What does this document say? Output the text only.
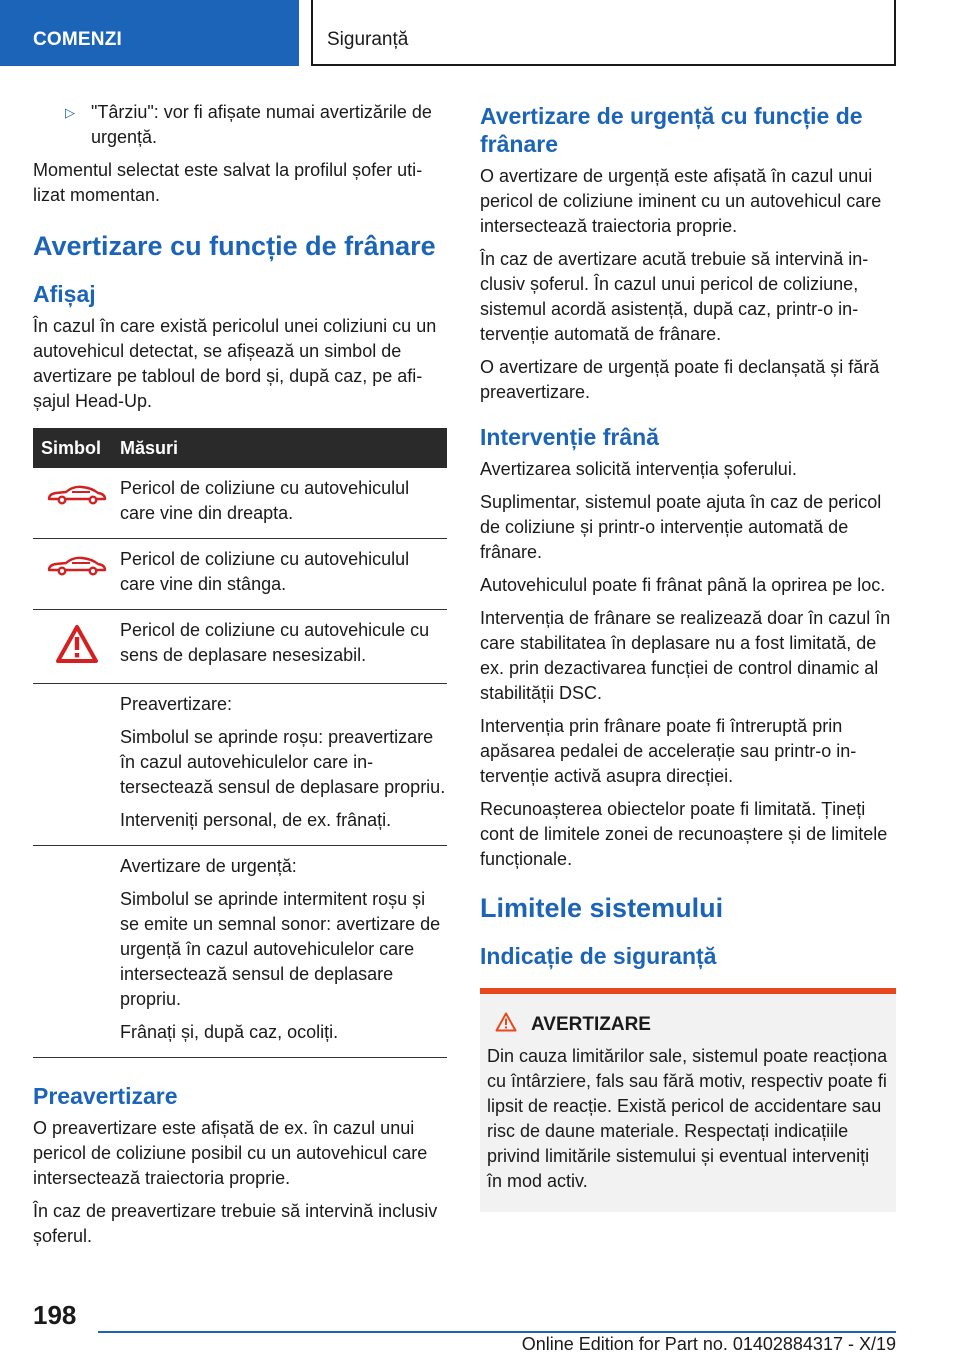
COMENZI	Siguranță
▷ "Târziu": vor fi afișate numai avertizările de urgență.

Momentul selectat este salvat la profilul șofer utilizat momentan.

Avertizare cu funcție de frânare
Afișaj

În cazul în care există pericolul unei coliziuni cu un autovehicul detectat, se afișează un simbol de avertizare pe tabloul de bord și, după caz, pe afișajul Head-Up.

Simbol	Măsuri

Pericol de coliziune cu autovehiculul care vine din dreapta.

Pericol de coliziune cu autovehiculul care vine din stânga.

Pericol de coliziune cu autovehicule cu sens de deplasare nesesizabil.

	Preavertizare:

Simbolul se aprinde roșu: preavertizare în cazul autovehiculelor care intersectează sensul de deplasare propriu.

Interveniți personal, de ex. frânați.

	Avertizare de urgență:

Simbolul se aprinde intermitent roșu și se emite un semnal sonor: avertizare de urgență în cazul autovehiculelor care intersectează sensul de deplasare propriu.

Frânați și, după caz, ocoliți.

Preavertizare

O preavertizare este afișată de ex. în cazul unui pericol de coliziune posibil cu un autovehicul care intersectează traiectoria proprie.

În caz de preavertizare trebuie să intervină inclusiv șoferul.

Avertizare de urgență cu funcție de frânare

O avertizare de urgență este afișată în cazul unui pericol de coliziune iminent cu un autovehicul care intersectează traiectoria proprie.

În caz de avertizare acută trebuie să intervină inclusiv șoferul. În cazul unui pericol de coliziune, sistemul acordă asistență, după caz, printr-o intervenție automată de frânare.

O avertizare de urgență poate fi declanșată și fără preavertizare.

Intervenție frână

Avertizarea solicită intervenția șoferului.

Suplimentar, sistemul poate ajuta în caz de pericol de coliziune și printr-o intervenție automată de frânare.

Autovehiculul poate fi frânat până la oprirea pe loc.

Intervenția de frânare se realizează doar în cazul în care stabilitatea în deplasare nu a fost limitată, de ex. prin dezactivarea funcției de control dinamic al stabilității DSC.

Intervenția prin frânare poate fi întreruptă prin apăsarea pedalei de accelerație sau printr-o intervenție activă asupra direcției.

Recunoașterea obiectelor poate fi limitată. Țineți cont de limitele zonei de recunoaștere și de limitele funcționale.

Limitele sistemului
Indicație de siguranță
AVERTIZARE

Din cauza limitărilor sale, sistemul poate reacționa cu întârziere, fals sau fără motiv, respectiv poate fi lipsit de reacție. Există pericol de accidentare sau risc de daune materiale. Respectați indicațiile privind limitările sistemului și eventual interveniți în mod activ.

198
Online Edition for Part no. 01402884317 - X/19
